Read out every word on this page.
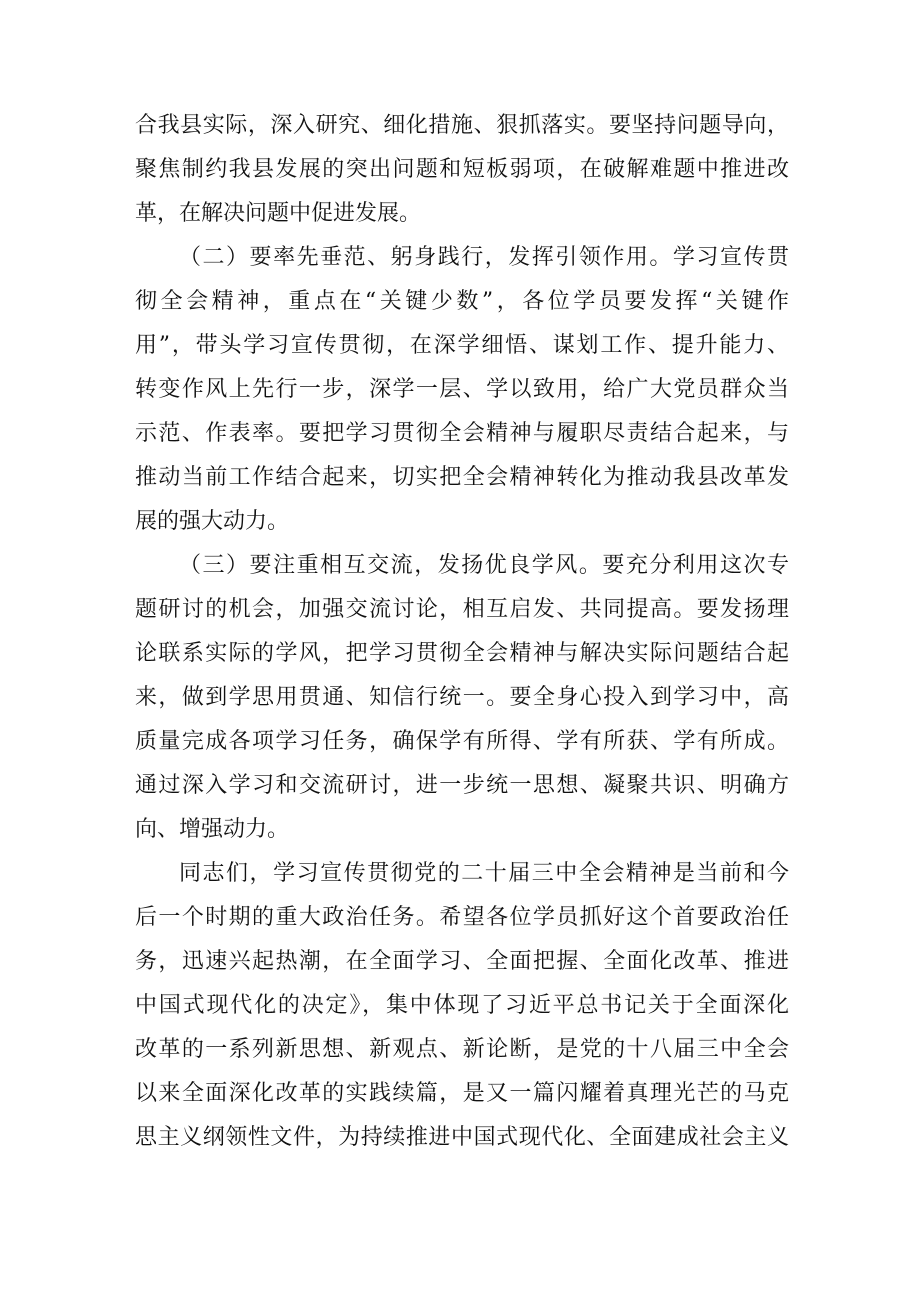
合我县实际，深入研究、细化措施、狠抓落实。要坚持问题导向，
聚焦制约我县发展的突出问题和短板弱项，在破解难题中推进改
革，在解决问题中促进发展。
（二）要率先垂范、躬身践行，发挥引领作用。学习宣传贯
彻全会精神，重点在“关键少数”，各位学员要发挥“关键作
用”，带头学习宣传贯彻，在深学细悟、谋划工作、提升能力、
转变作风上先行一步，深学一层、学以致用，给广大党员群众当
示范、作表率。要把学习贯彻全会精神与履职尽责结合起来，与
推动当前工作结合起来，切实把全会精神转化为推动我县改革发
展的强大动力。
（三）要注重相互交流，发扬优良学风。要充分利用这次专
题研讨的机会，加强交流讨论，相互启发、共同提高。要发扬理
论联系实际的学风，把学习贯彻全会精神与解决实际问题结合起
来，做到学思用贯通、知信行统一。要全身心投入到学习中，高
质量完成各项学习任务，确保学有所得、学有所获、学有所成。
通过深入学习和交流研讨，进一步统一思想、凝聚共识、明确方
向、增强动力。
同志们，学习宣传贯彻党的二十届三中全会精神是当前和今
后一个时期的重大政治任务。希望各位学员抓好这个首要政治任
务，迅速兴起热潮，在全面学习、全面把握、全面化改革、推进
中国式现代化的决定》，集中体现了习近平总书记关于全面深化
改革的一系列新思想、新观点、新论断，是党的十八届三中全会
以来全面深化改革的实践续篇，是又一篇闪耀着真理光芒的马克
思主义纲领性文件，为持续推进中国式现代化、全面建成社会主义
